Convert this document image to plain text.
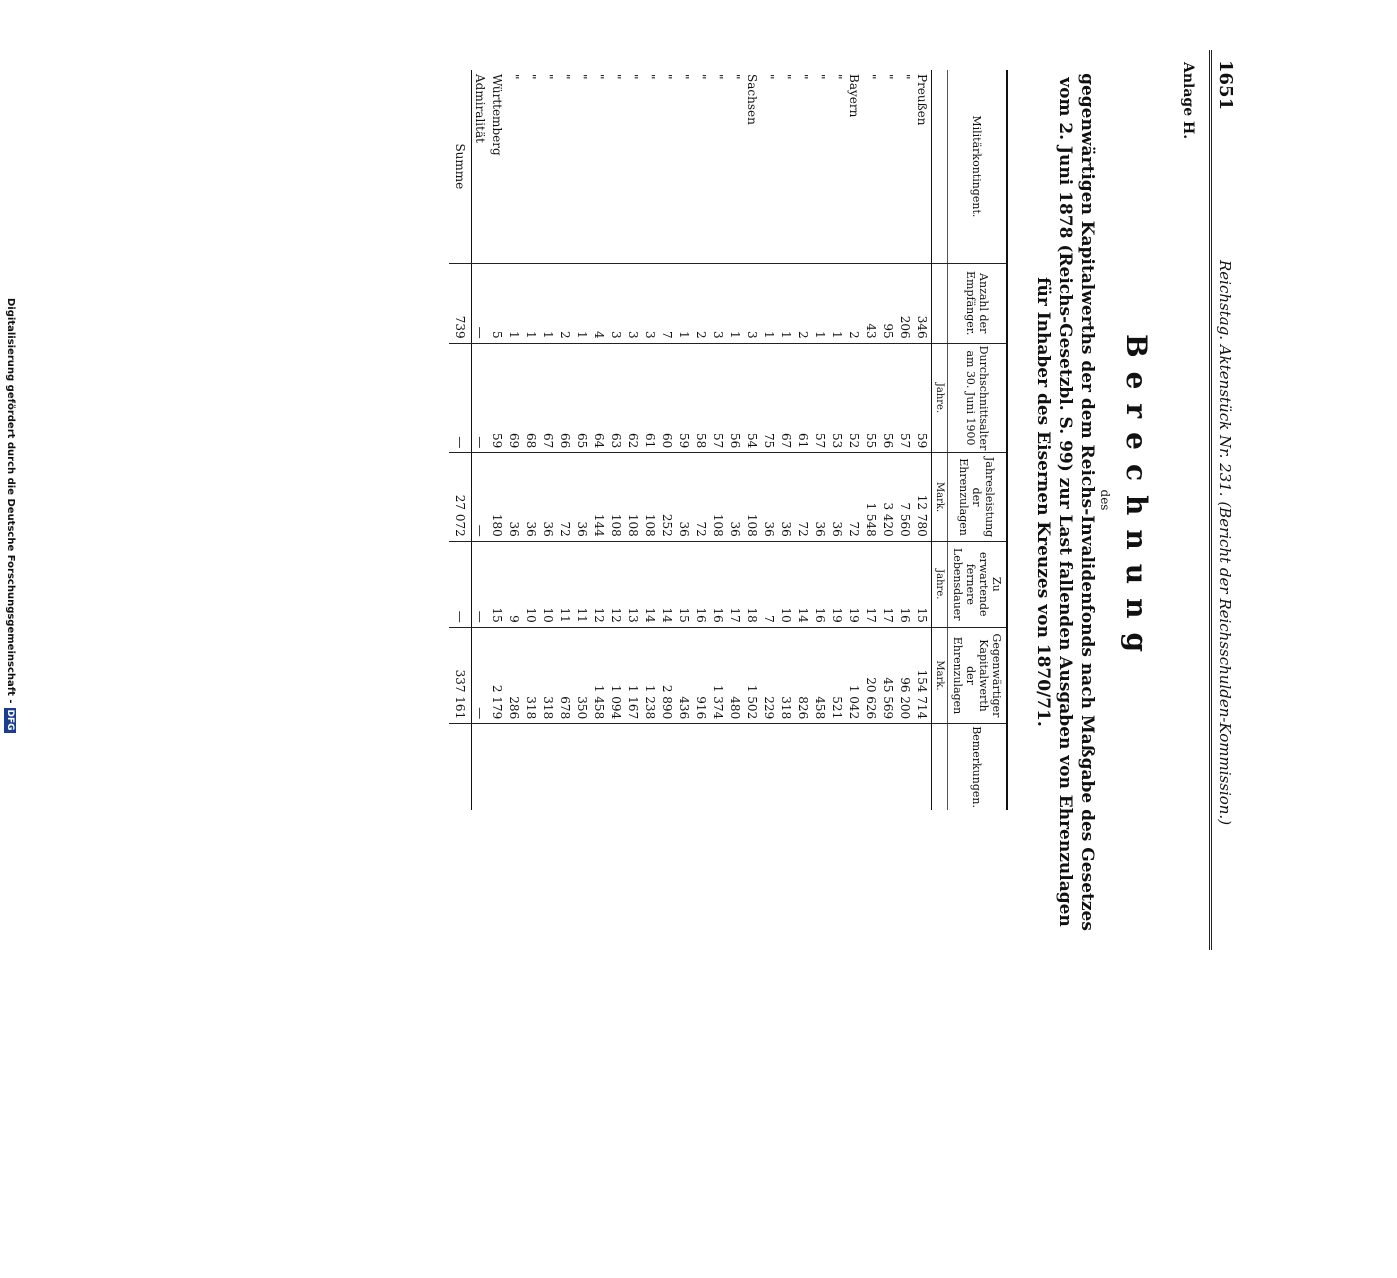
Digitalisierung gefördert durch die Deutsche Forschungsgemeinschaft -DFG
1651
Reichstag. Aktenstück Nr. 231. (Bericht der Reichsschulden-Kommission.)
Anlage H.
Berechnung
des
gegenwärtigen Kapitalwerths der dem Reichs-Invalidenfonds nach Maßgabe des Gesetzes vom 2. Juni 1878 (Reichs-Gesetzbl. S. 99) zur Last fallenden Ausgaben von Ehrenzulagen für Inhaber des Eisernen Kreuzes von 1870/71.
Militärkontingent.	Anzahl der Empfänger.	Durchschnittsalter am 30. Juni 1900	Jahresleistung der Ehrenzulagen	Zu erwartende fernere Lebensdauer	Gegenwärtiger Kapitalwerth der Ehrenzulagen	Bemerkungen.
		Jahre.	Mark.	Jahre.	Mark.	
Preußen	346	59	12 780	15	154 714	
"	206	57	7 560	16	96 200	
"	95	56	3 420	17	45 569	
"	43	55	1 548	17	20 626	
Bayern	2	52	72	19	1 042	
"	1	53	36	19	521	
"	1	57	36	16	458	
"	2	61	72	14	826	
"	1	67	36	10	318	
"	1	75	36	7	229	
Sachsen	3	54	108	18	1 502	
"	1	56	36	17	480	
"	3	57	108	16	1 374	
"	2	58	72	16	916	
"	1	59	36	15	436	
"	7	60	252	14	2 890	
"	3	61	108	14	1 238	
"	3	62	108	13	1 167	
"	3	63	108	12	1 094	
"	4	64	144	12	1 458	
"	1	65	36	11	350	
"	2	66	72	11	678	
"	1	67	36	10	318	
"	1	68	36	10	318	
"	1	69	36	9	286	
Württemberg	5	59	180	15	2 179	
Admiralität	—	—	—	—	—	
Summe	739	—	27 072	—	337 161	
